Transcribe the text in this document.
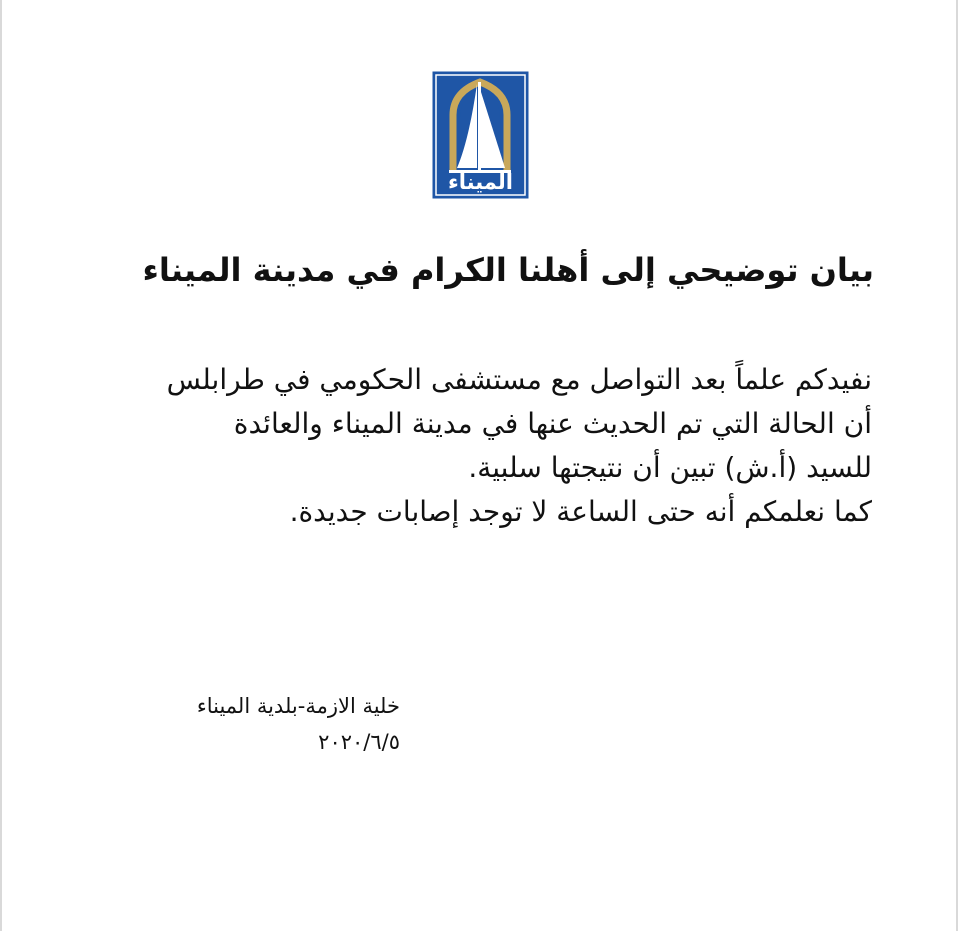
الميناء
بيان توضيحي إلى أهلنا الكرام في مدينة الميناء
نفيدكم علماً بعد التواصل مع مستشفى الحكومي في طرابلس
أن الحالة التي تم الحديث عنها في مدينة الميناء والعائدة
للسيد (أ.ش) تبين أن نتيجتها سلبية.
كما نعلمكم أنه حتى الساعة لا توجد إصابات جديدة.
خلية الازمة-بلدية الميناء
٢٠٢٠/٦/٥
